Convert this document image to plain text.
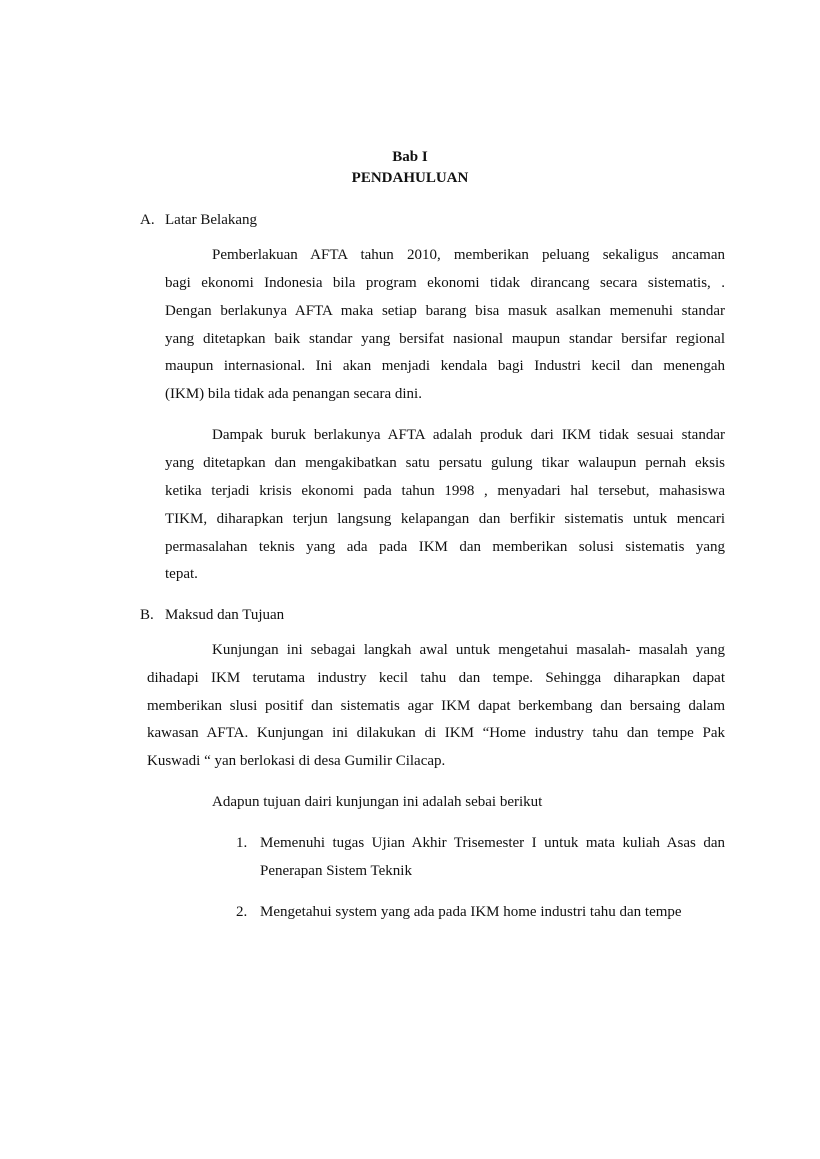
Bab I
PENDAHULUAN
A. Latar Belakang
Pemberlakuan AFTA tahun 2010, memberikan peluang sekaligus ancaman
bagi ekonomi Indonesia bila program ekonomi tidak dirancang secara sistematis, .
Dengan berlakunya AFTA maka setiap barang bisa masuk asalkan memenuhi standar
yang ditetapkan baik standar yang bersifat nasional maupun standar bersifar regional
maupun internasional. Ini akan menjadi kendala bagi Industri kecil dan menengah
(IKM) bila tidak ada penangan secara dini.
Dampak buruk berlakunya AFTA adalah produk dari IKM tidak sesuai standar
yang ditetapkan dan mengakibatkan satu persatu gulung tikar walaupun pernah eksis
ketika terjadi krisis ekonomi pada tahun 1998 , menyadari hal tersebut, mahasiswa
TIKM, diharapkan terjun langsung kelapangan dan berfikir sistematis untuk mencari
permasalahan teknis yang ada pada IKM dan memberikan solusi sistematis yang
tepat.
B. Maksud dan Tujuan
Kunjungan ini sebagai langkah awal untuk mengetahui masalah- masalah yang
dihadapi IKM terutama industry kecil tahu dan tempe. Sehingga diharapkan dapat
memberikan slusi positif dan sistematis agar IKM dapat berkembang dan bersaing dalam
kawasan AFTA. Kunjungan ini dilakukan di IKM “Home industry tahu dan tempe Pak
Kuswadi “ yan berlokasi di desa Gumilir Cilacap.
Adapun tujuan dairi kunjungan ini adalah sebai berikut
1. Memenuhi tugas Ujian Akhir Trisemester I untuk mata kuliah Asas dan
Penerapan Sistem Teknik
2. Mengetahui system yang ada pada IKM home industri tahu dan tempe
